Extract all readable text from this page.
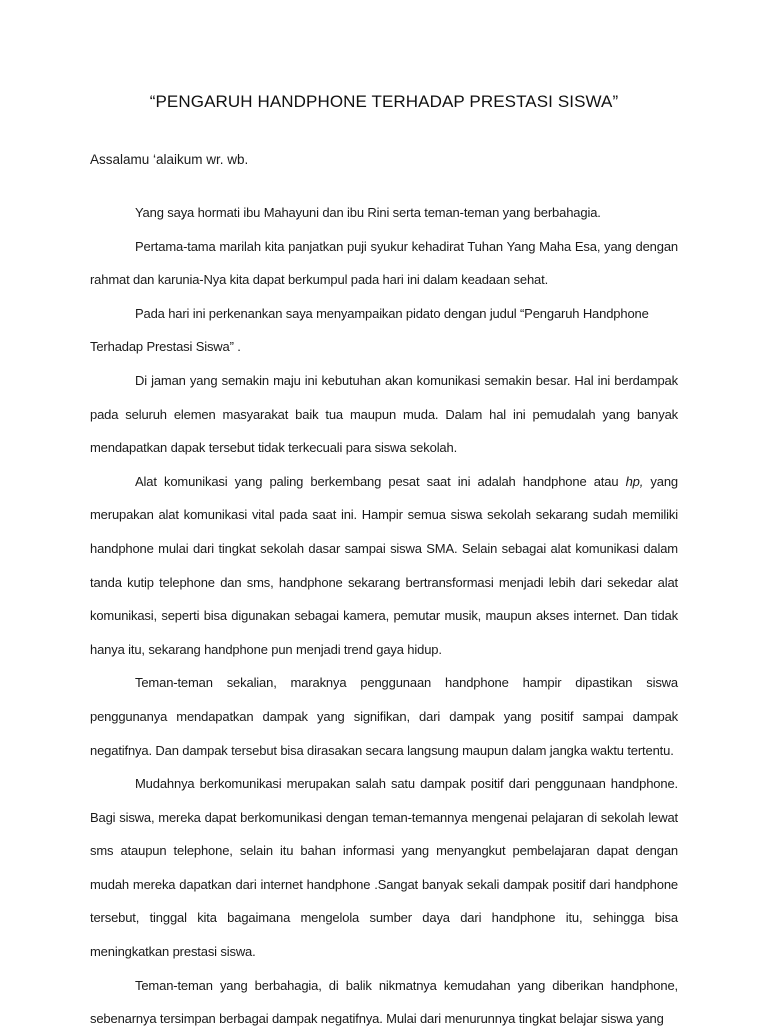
“PENGARUH HANDPHONE TERHADAP PRESTASI SISWA”
Assalamu ‘alaikum wr. wb.

Yang saya hormati ibu Mahayuni dan ibu Rini serta teman-teman yang berbahagia.

Pertama-tama marilah kita panjatkan puji syukur kehadirat Tuhan Yang Maha Esa, yang dengan rahmat dan karunia-Nya kita dapat berkumpul pada hari ini dalam keadaan sehat.

Pada hari ini perkenankan saya menyampaikan pidato dengan judul “Pengaruh Handphone Terhadap Prestasi Siswa” .

Di jaman yang semakin maju ini kebutuhan akan komunikasi semakin besar. Hal ini berdampak pada seluruh elemen masyarakat baik tua maupun muda. Dalam hal ini pemudalah yang banyak mendapatkan dapak tersebut tidak terkecuali para siswa sekolah.

Alat komunikasi yang paling berkembang pesat saat ini adalah handphone atau hp, yang merupakan alat komunikasi vital pada saat ini. Hampir semua siswa sekolah sekarang sudah memiliki handphone mulai dari tingkat sekolah dasar sampai siswa SMA. Selain sebagai alat komunikasi dalam tanda kutip telephone dan sms, handphone sekarang bertransformasi menjadi lebih dari sekedar alat komunikasi, seperti bisa digunakan sebagai kamera, pemutar musik, maupun akses internet. Dan tidak hanya itu, sekarang handphone pun menjadi trend gaya hidup.

Teman-teman sekalian, maraknya penggunaan handphone hampir dipastikan siswa penggunanya mendapatkan dampak yang signifikan, dari dampak yang positif sampai dampak negatifnya. Dan dampak tersebut bisa dirasakan secara langsung maupun dalam jangka waktu tertentu.

Mudahnya berkomunikasi merupakan salah satu dampak positif dari penggunaan handphone. Bagi siswa, mereka dapat berkomunikasi dengan teman-temannya mengenai pelajaran di sekolah lewat sms ataupun telephone, selain itu bahan informasi yang menyangkut pembelajaran dapat dengan mudah mereka dapatkan dari internet handphone .Sangat banyak sekali dampak positif dari handphone tersebut, tinggal kita bagaimana mengelola sumber daya dari handphone itu, sehingga bisa meningkatkan prestasi siswa.

Teman-teman yang berbahagia, di balik nikmatnya kemudahan yang diberikan handphone, sebenarnya tersimpan berbagai dampak negatifnya. Mulai dari menurunnya tingkat belajar siswa yang
